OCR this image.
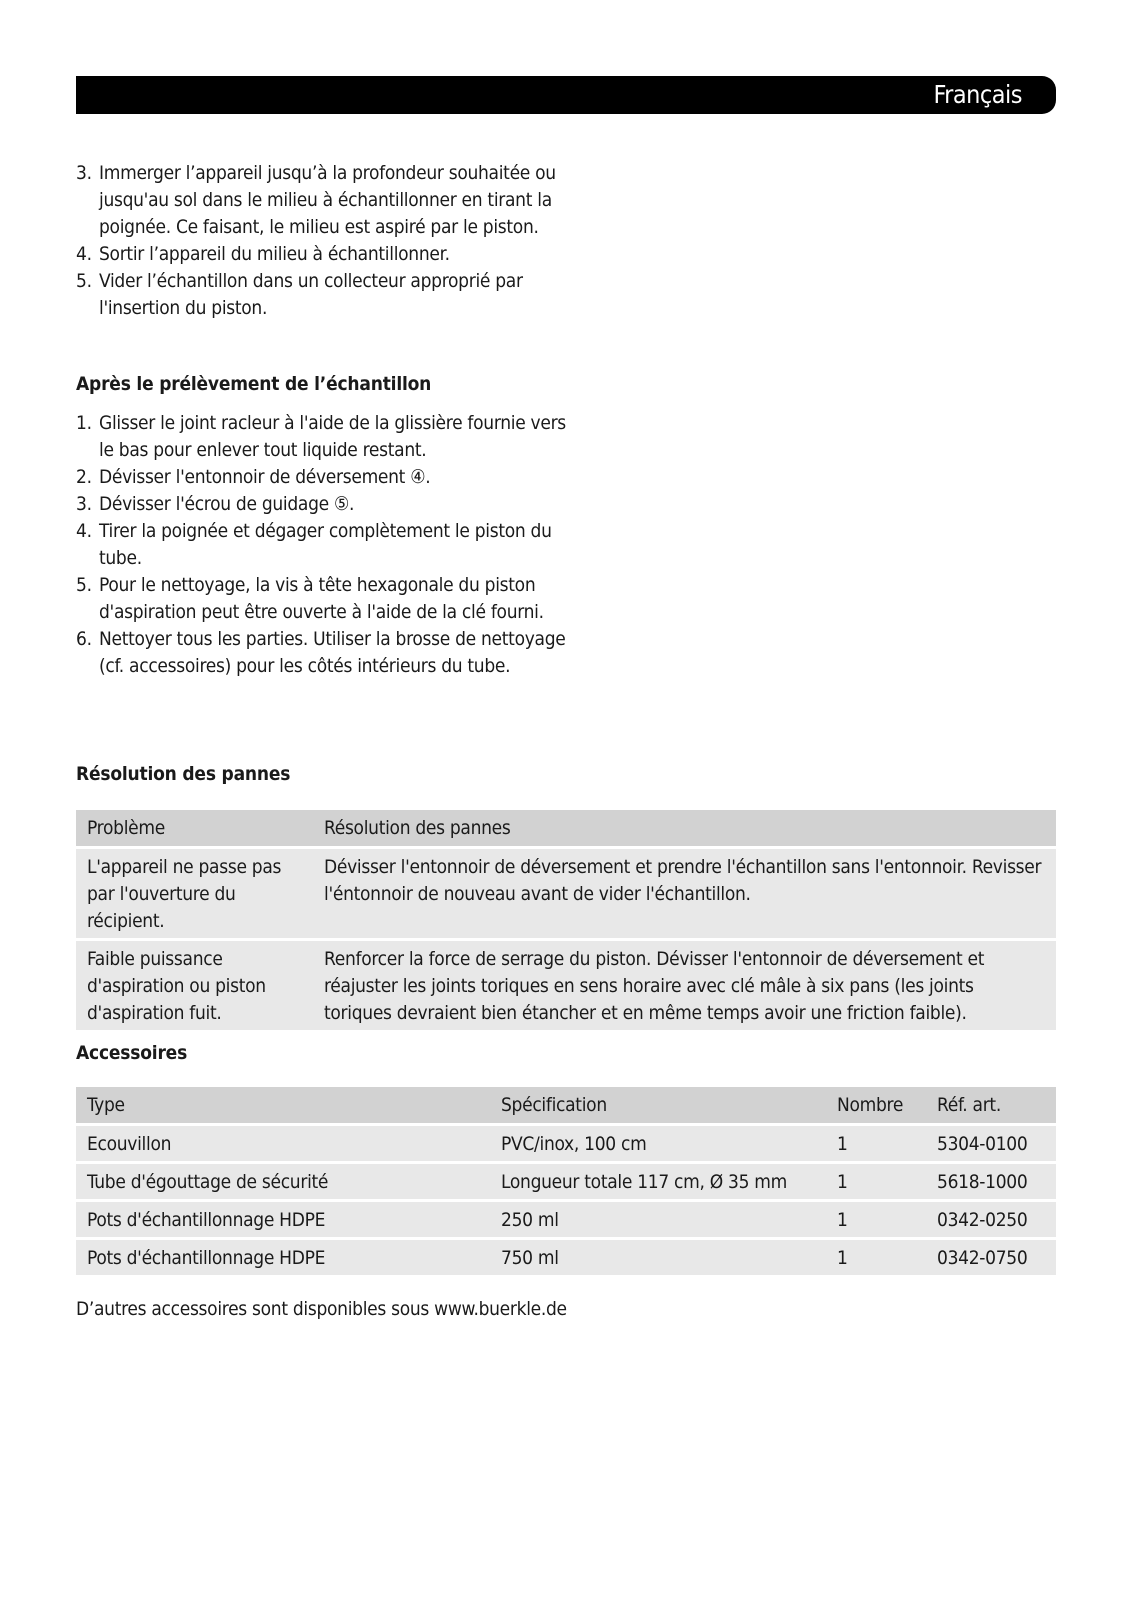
Français
3. Immerger l’appareil jusqu’à la profondeur souhaitée ou jusqu'au sol dans le milieu à échantillonner en tirant la poignée. Ce faisant, le milieu est aspiré par le piston.
4. Sortir l’appareil du milieu à échantillonner.
5. Vider l’échantillon dans un collecteur approprié par l'insertion du piston.
Après le prélèvement de l’échantillon
1. Glisser le joint racleur à l'aide de la glissière fournie vers le bas pour enlever tout liquide restant.
2. Dévisser l'entonnoir de déversement ④.
3. Dévisser l'écrou de guidage ⑤.
4. Tirer la poignée et dégager complètement le piston du tube.
5. Pour le nettoyage, la vis à tête hexagonale du piston d'aspiration peut être ouverte à l'aide de la clé fourni.
6. Nettoyer tous les parties. Utiliser la brosse de nettoyage (cf. accessoires) pour les côtés intérieurs du tube.
Résolution des pannes
Problème	Résolution des pannes
L'appareil ne passe pas par l'ouverture du récipient.	Dévisser l'entonnoir de déversement et prendre l'échantillon sans l'entonnoir. Revisser l'éntonnoir de nouveau avant de vider l'échantillon.
Faible puissance d'aspiration ou piston d'aspiration fuit.	Renforcer la force de serrage du piston. Dévisser l'entonnoir de déversement et réajuster les joints toriques en sens horaire avec clé mâle à six pans (les joints toriques devraient bien étancher et en même temps avoir une friction faible).
Accessoires
Type	Spécification	Nombre	Réf. art.
Ecouvillon	PVC/inox, 100 cm	1	5304-0100
Tube d'égouttage de sécurité	Longueur totale 117 cm, Ø 35 mm	1	5618-1000
Pots d'échantillonnage HDPE	250 ml	1	0342-0250
Pots d'échantillonnage HDPE	750 ml	1	0342-0750

D’autres accessoires sont disponibles sous www.buerkle.de
